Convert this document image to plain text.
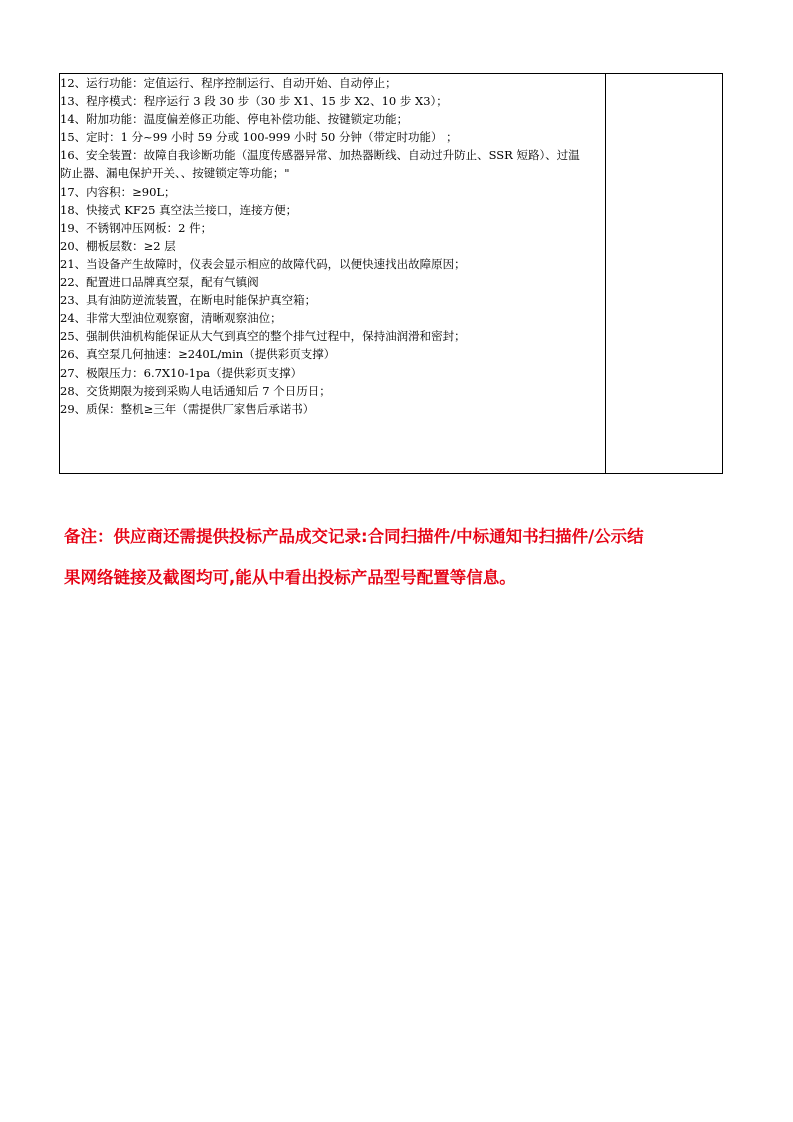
12、运行功能：定值运行、程序控制运行、自动开始、自动停止；
13、程序模式：程序运行 3 段 30 步（30 步 X1、15 步 X2、10 步 X3）；
14、附加功能：温度偏差修正功能、停电补偿功能、按键锁定功能；
15、定时：1 分~99 小时 59 分或 100-999 小时 50 分钟（带定时功能） ；
16、安全装置：故障自我诊断功能（温度传感器异常、加热器断线、自动过升防止、SSR 短路）、过温
防止器、漏电保护开关、、按键锁定等功能；"
17、内容积：≥90L；
18、快接式 KF25 真空法兰接口，连接方便；
19、不锈钢冲压网板：2 件；
20、棚板层数：≥2 层
21、当设备产生故障时，仪表会显示相应的故障代码，以便快速找出故障原因；
22、配置进口品牌真空泵，配有气镇阀
23、具有油防逆流装置，在断电时能保护真空箱；
24、非常大型油位观察窗，清晰观察油位；
25、强制供油机构能保证从大气到真空的整个排气过程中，保持油润滑和密封；
26、真空泵几何抽速：≥240L/min（提供彩页支撑）
27、极限压力：6.7X10-1pa（提供彩页支撑）
28、交货期限为接到采购人电话通知后 7 个日历日；
29、质保：整机≥三年（需提供厂家售后承诺书）

备注：供应商还需提供投标产品成交记录:合同扫描件/中标通知书扫描件/公示结
果网络链接及截图均可,能从中看出投标产品型号配置等信息。
